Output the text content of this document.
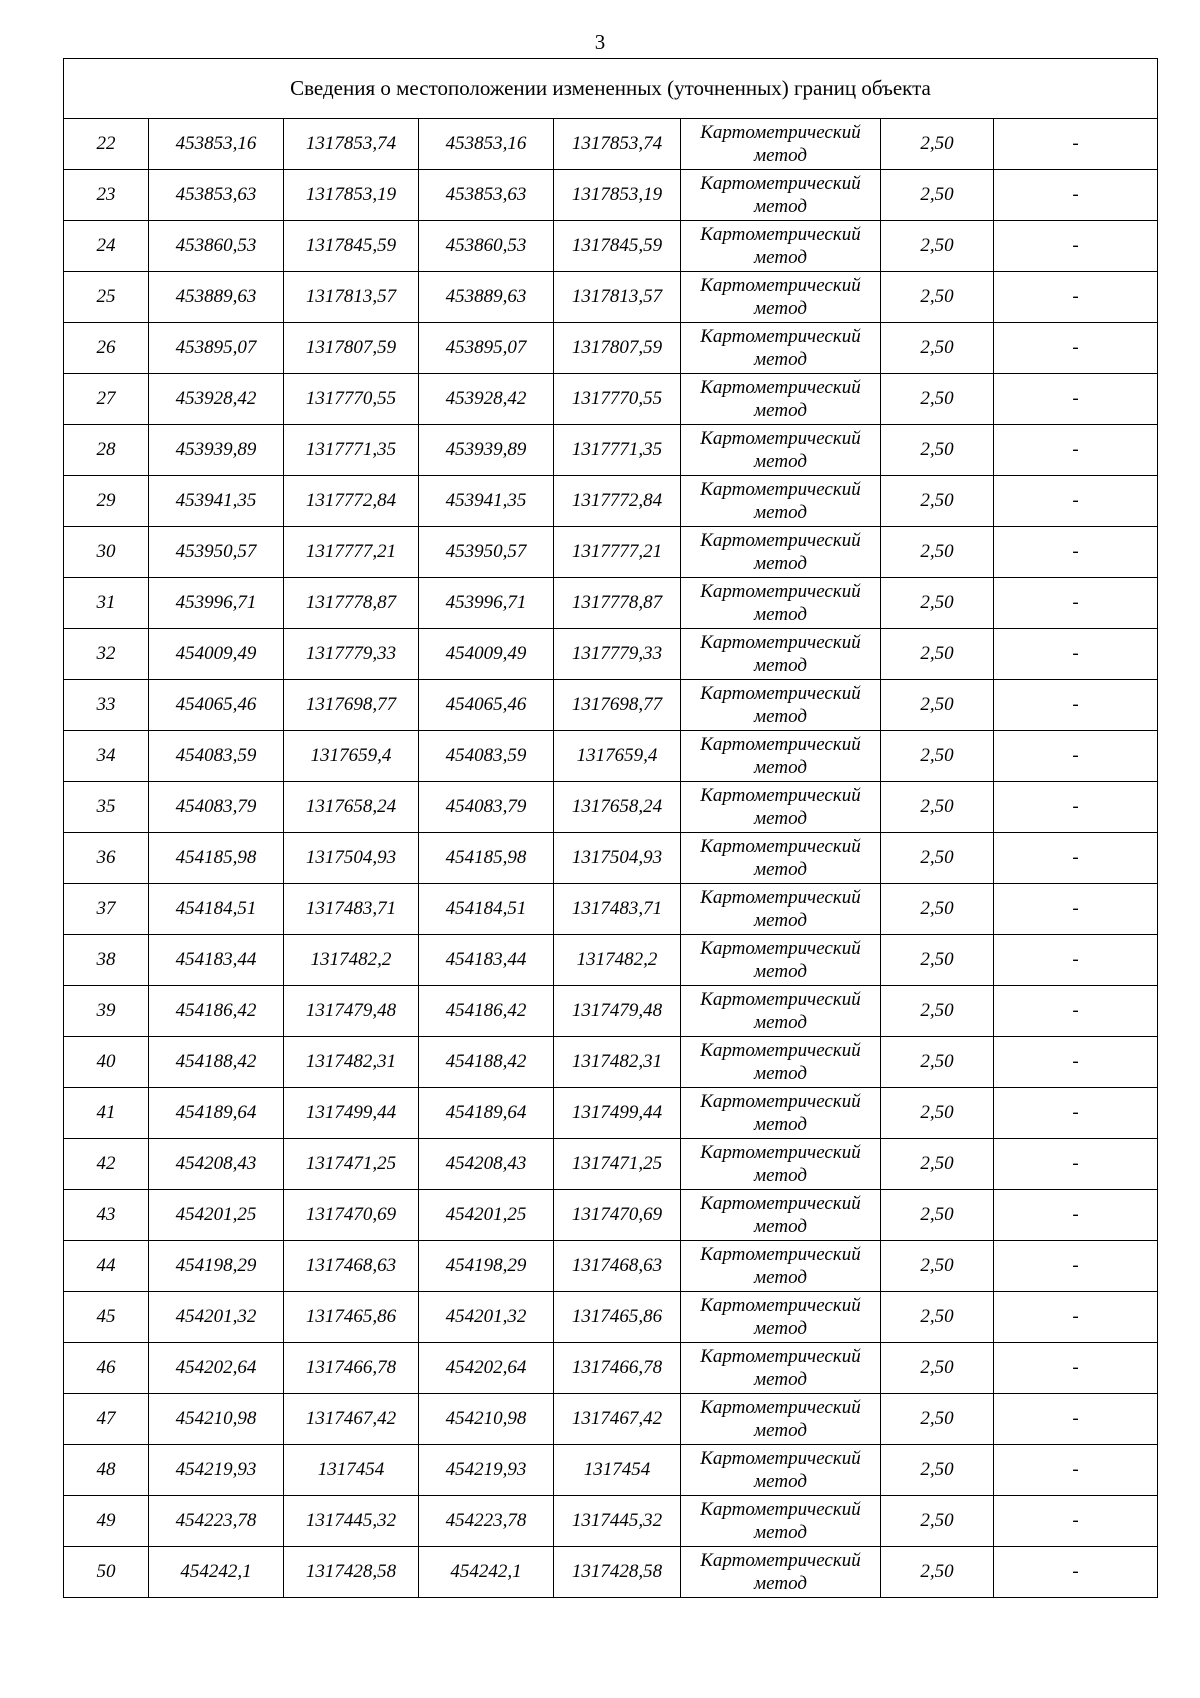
3
Сведения о местоположении измененных (уточненных) границ объекта							
22	453853,16	1317853,74	453853,16	1317853,74	Картометрический
метод	2,50	-
23	453853,63	1317853,19	453853,63	1317853,19	Картометрический
метод	2,50	-
24	453860,53	1317845,59	453860,53	1317845,59	Картометрический
метод	2,50	-
25	453889,63	1317813,57	453889,63	1317813,57	Картометрический
метод	2,50	-
26	453895,07	1317807,59	453895,07	1317807,59	Картометрический
метод	2,50	-
27	453928,42	1317770,55	453928,42	1317770,55	Картометрический
метод	2,50	-
28	453939,89	1317771,35	453939,89	1317771,35	Картометрический
метод	2,50	-
29	453941,35	1317772,84	453941,35	1317772,84	Картометрический
метод	2,50	-
30	453950,57	1317777,21	453950,57	1317777,21	Картометрический
метод	2,50	-
31	453996,71	1317778,87	453996,71	1317778,87	Картометрический
метод	2,50	-
32	454009,49	1317779,33	454009,49	1317779,33	Картометрический
метод	2,50	-
33	454065,46	1317698,77	454065,46	1317698,77	Картометрический
метод	2,50	-
34	454083,59	1317659,4	454083,59	1317659,4	Картометрический
метод	2,50	-
35	454083,79	1317658,24	454083,79	1317658,24	Картометрический
метод	2,50	-
36	454185,98	1317504,93	454185,98	1317504,93	Картометрический
метод	2,50	-
37	454184,51	1317483,71	454184,51	1317483,71	Картометрический
метод	2,50	-
38	454183,44	1317482,2	454183,44	1317482,2	Картометрический
метод	2,50	-
39	454186,42	1317479,48	454186,42	1317479,48	Картометрический
метод	2,50	-
40	454188,42	1317482,31	454188,42	1317482,31	Картометрический
метод	2,50	-
41	454189,64	1317499,44	454189,64	1317499,44	Картометрический
метод	2,50	-
42	454208,43	1317471,25	454208,43	1317471,25	Картометрический
метод	2,50	-
43	454201,25	1317470,69	454201,25	1317470,69	Картометрический
метод	2,50	-
44	454198,29	1317468,63	454198,29	1317468,63	Картометрический
метод	2,50	-
45	454201,32	1317465,86	454201,32	1317465,86	Картометрический
метод	2,50	-
46	454202,64	1317466,78	454202,64	1317466,78	Картометрический
метод	2,50	-
47	454210,98	1317467,42	454210,98	1317467,42	Картометрический
метод	2,50	-
48	454219,93	1317454	454219,93	1317454	Картометрический
метод	2,50	-
49	454223,78	1317445,32	454223,78	1317445,32	Картометрический
метод	2,50	-
50	454242,1	1317428,58	454242,1	1317428,58	Картометрический
метод	2,50	-
